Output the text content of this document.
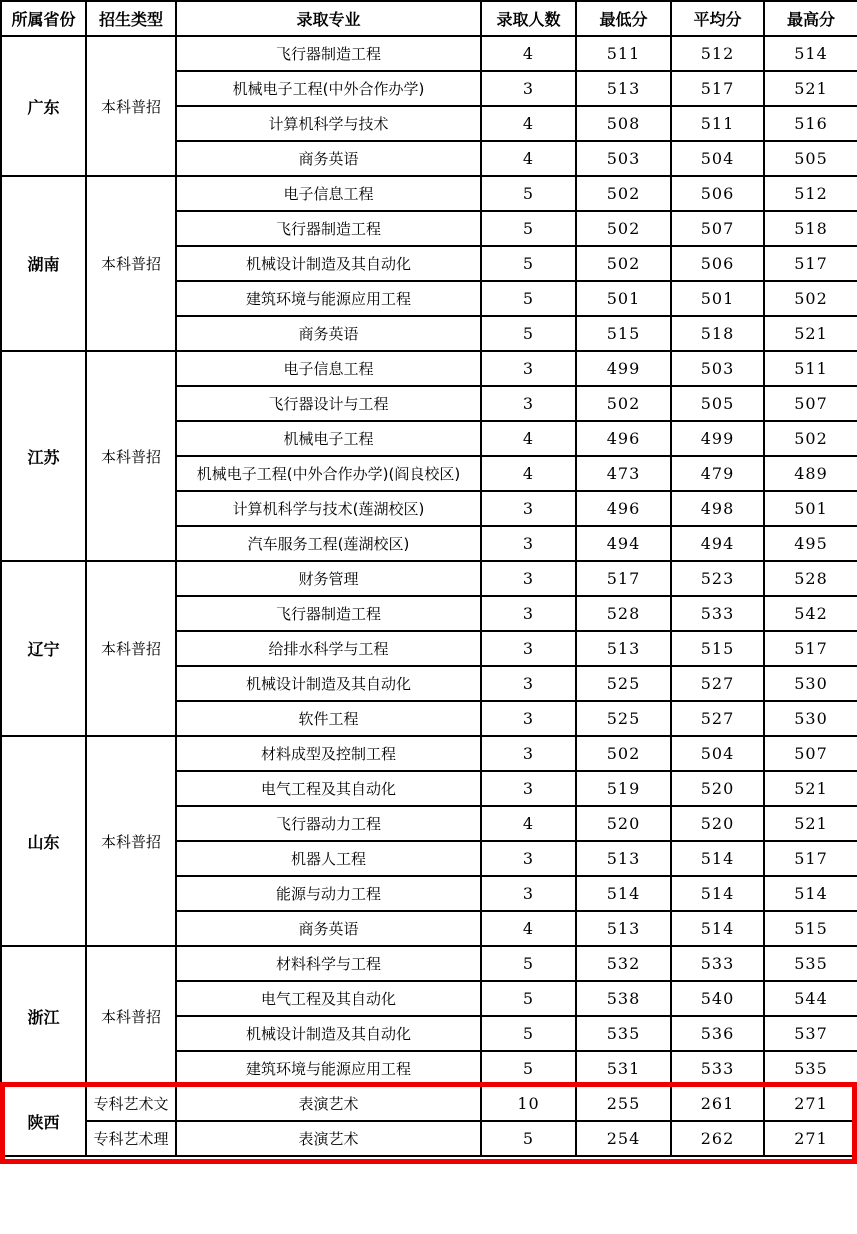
所属省份	招生类型	录取专业	录取人数	最低分	平均分	最高分
广东	本科普招	飞行器制造工程	4	511	512	514
		机械电子工程(中外合作办学)	3	513	517	521
		计算机科学与技术	4	508	511	516
		商务英语	4	503	504	505
湖南	本科普招	电子信息工程	5	502	506	512
		飞行器制造工程	5	502	507	518
		机械设计制造及其自动化	5	502	506	517
		建筑环境与能源应用工程	5	501	501	502
		商务英语	5	515	518	521
江苏	本科普招	电子信息工程	3	499	503	511
		飞行器设计与工程	3	502	505	507
		机械电子工程	4	496	499	502
		机械电子工程(中外合作办学)(阎良校区)	4	473	479	489
		计算机科学与技术(莲湖校区)	3	496	498	501
		汽车服务工程(莲湖校区)	3	494	494	495
辽宁	本科普招	财务管理	3	517	523	528
		飞行器制造工程	3	528	533	542
		给排水科学与工程	3	513	515	517
		机械设计制造及其自动化	3	525	527	530
		软件工程	3	525	527	530
山东	本科普招	材料成型及控制工程	3	502	504	507
		电气工程及其自动化	3	519	520	521
		飞行器动力工程	4	520	520	521
		机器人工程	3	513	514	517
		能源与动力工程	3	514	514	514
		商务英语	4	513	514	515
浙江	本科普招	材料科学与工程	5	532	533	535
		电气工程及其自动化	5	538	540	544
		机械设计制造及其自动化	5	535	536	537
		建筑环境与能源应用工程	5	531	533	535
陕西	专科艺术文	表演艺术	10	255	261	271
	专科艺术理	表演艺术	5	254	262	271
